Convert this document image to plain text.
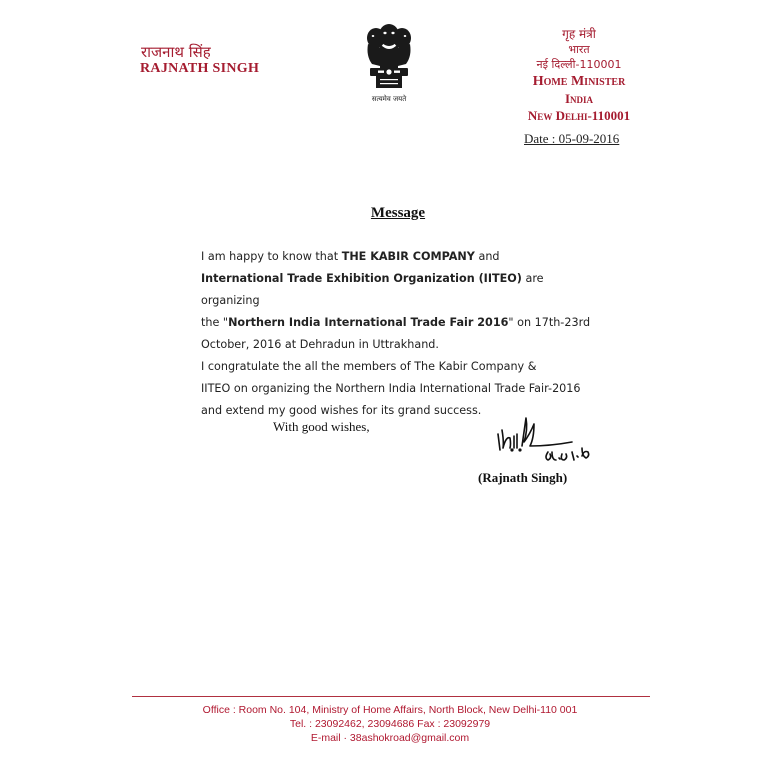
राजनाथ सिंह
RAJNATH SINGH
सत्यमेव जयते
गृह मंत्री
भारत
नई दिल्ली-110001
Home Minister
India
New Delhi-110001
Date : 05-09-2016
Message
I am happy to know that THE KABIR COMPANY and
International Trade Exhibition Organization (IITEO) are organizing
the "Northern India International Trade Fair 2016" on 17th-23rd
October, 2016 at Dehradun in Uttrakhand.
I congratulate the all the members of The Kabir Company &
IITEO on organizing the Northern India International Trade Fair-2016
and extend my good wishes for its grand success.
With good wishes,
(Rajnath Singh)
Office : Room No. 104, Ministry of Home Affairs, North Block, New Delhi-110 001
Tel. : 23092462, 23094686 Fax : 23092979
E-mail · 38ashokroad@gmail.com
